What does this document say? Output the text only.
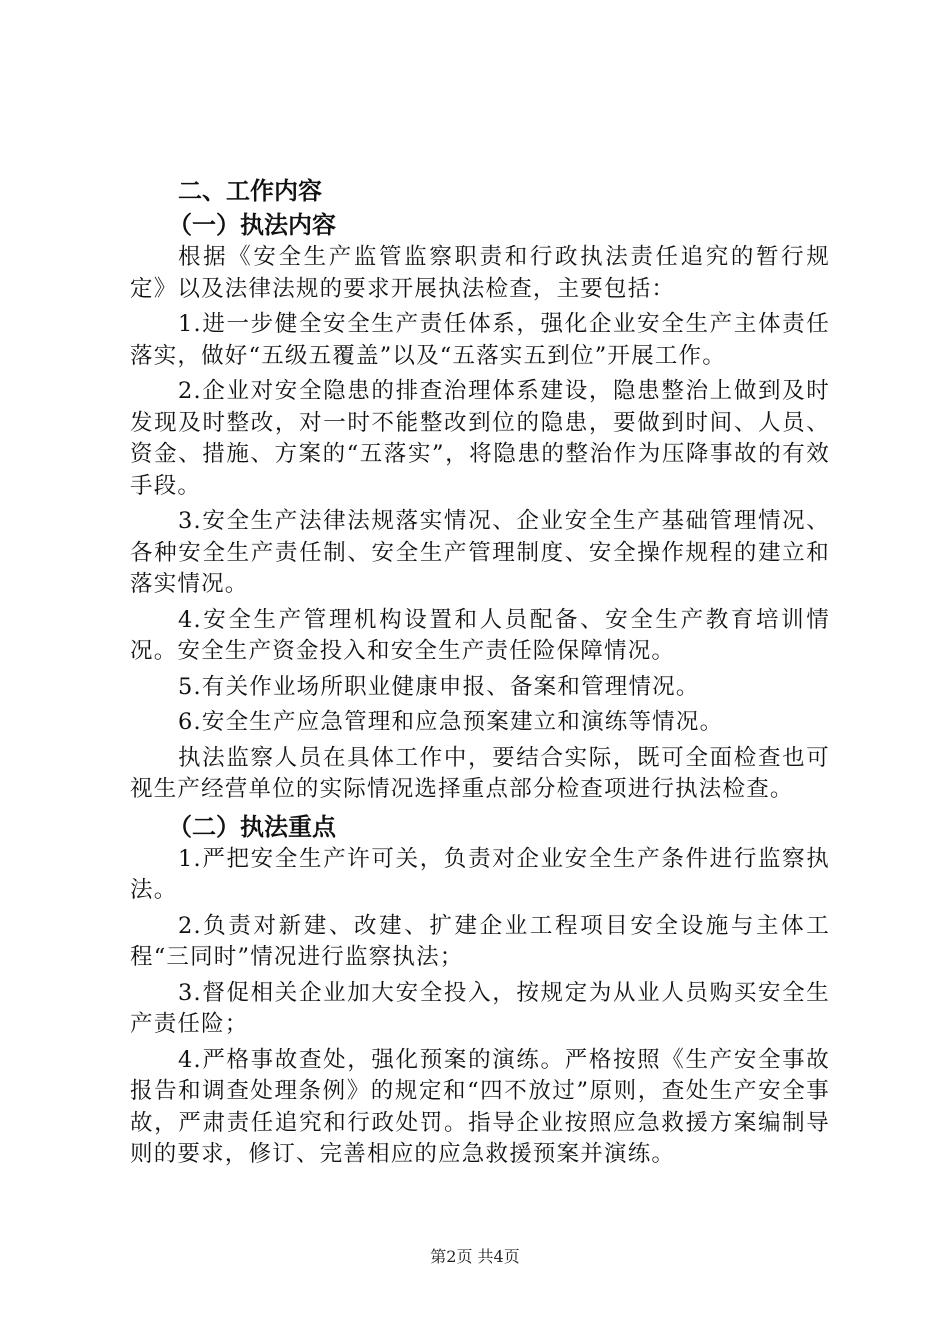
二、工作内容
（一）执法内容

根据《安全生产监管监察职责和行政执法责任追究的暂行规定》以及法律法规的要求开展执法检查，主要包括：

1.进一步健全安全生产责任体系，强化企业安全生产主体责任落实，做好“五级五覆盖”以及“五落实五到位”开展工作。

2.企业对安全隐患的排查治理体系建设，隐患整治上做到及时发现及时整改，对一时不能整改到位的隐患，要做到时间、人员、资金、措施、方案的“五落实”，将隐患的整治作为压降事故的有效手段。

3.安全生产法律法规落实情况、企业安全生产基础管理情况、各种安全生产责任制、安全生产管理制度、安全操作规程的建立和落实情况。

4.安全生产管理机构设置和人员配备、安全生产教育培训情况。安全生产资金投入和安全生产责任险保障情况。

5.有关作业场所职业健康申报、备案和管理情况。

6.安全生产应急管理和应急预案建立和演练等情况。

执法监察人员在具体工作中，要结合实际，既可全面检查也可视生产经营单位的实际情况选择重点部分检查项进行执法检查。

（二）执法重点

1.严把安全生产许可关，负责对企业安全生产条件进行监察执法。

2.负责对新建、改建、扩建企业工程项目安全设施与主体工程“三同时”情况进行监察执法；

3.督促相关企业加大安全投入，按规定为从业人员购买安全生产责任险；

4.严格事故查处，强化预案的演练。严格按照《生产安全事故报告和调查处理条例》的规定和“四不放过”原则，查处生产安全事故，严肃责任追究和行政处罚。指导企业按照应急救援方案编制导则的要求，修订、完善相应的应急救援预案并演练。

第2页 共4页
